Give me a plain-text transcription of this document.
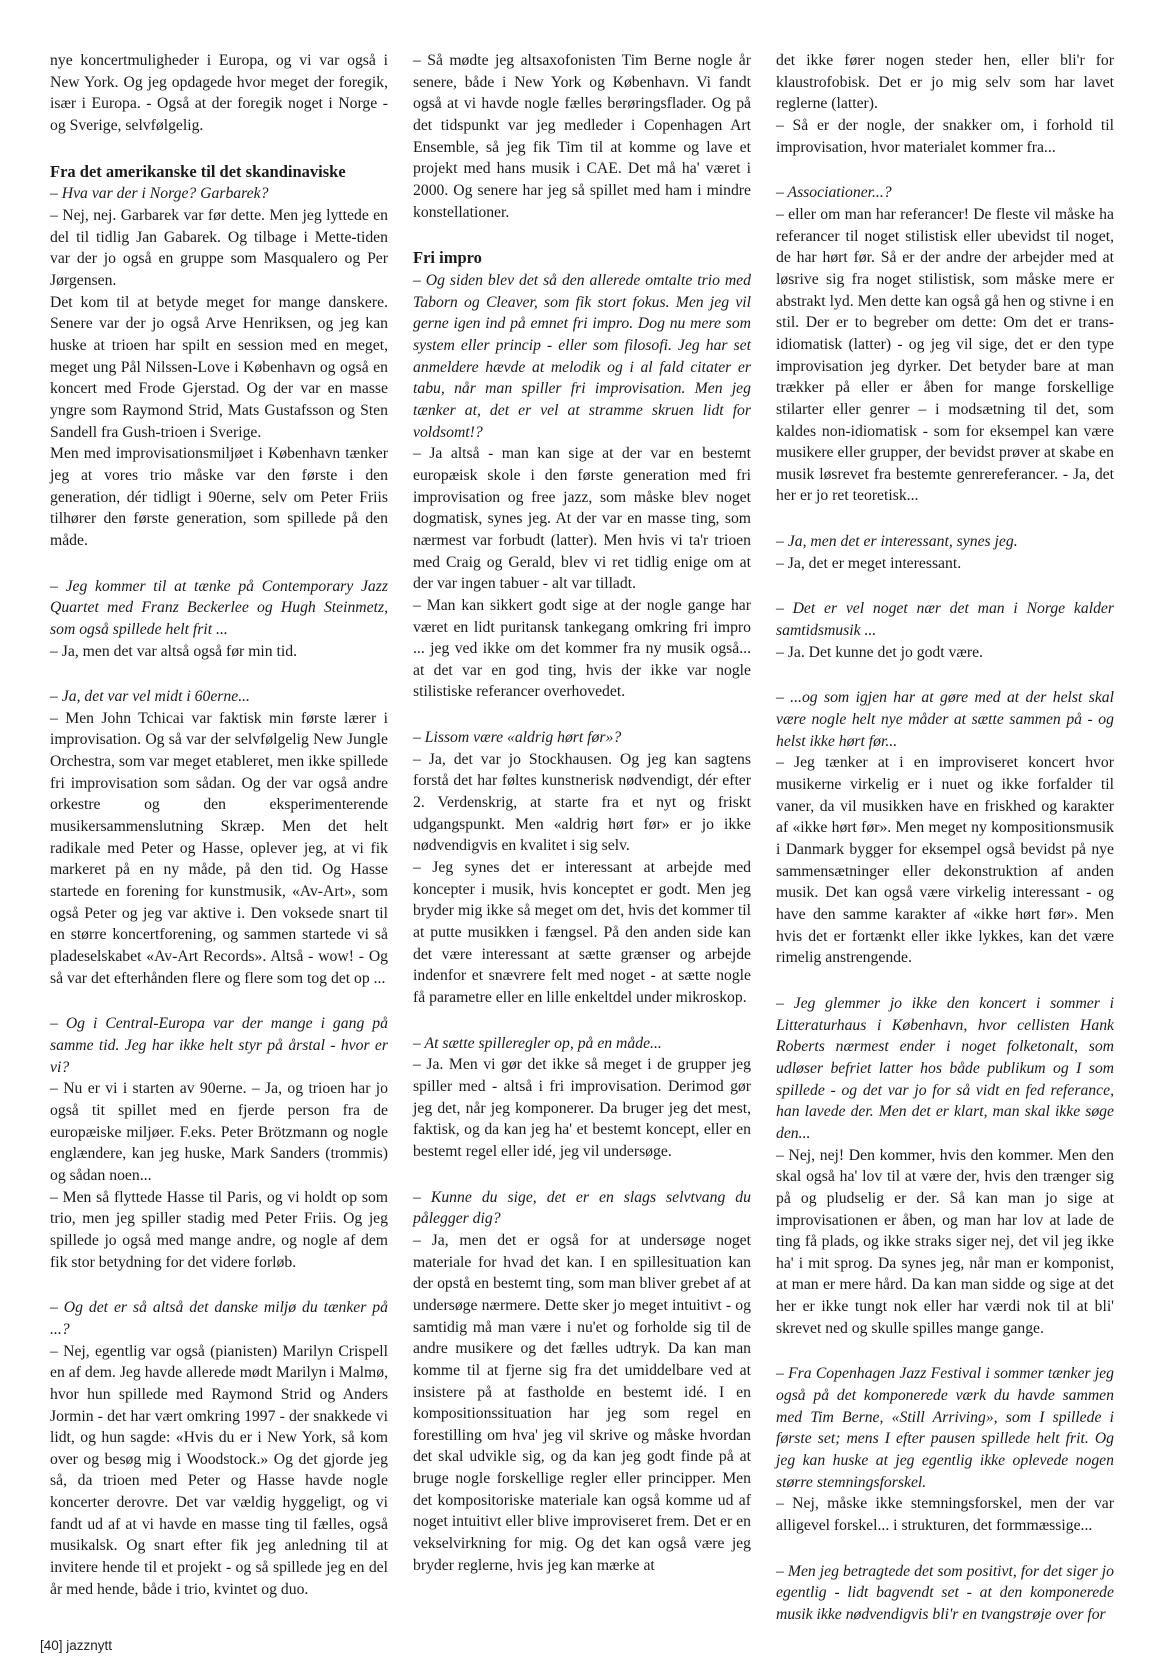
nye koncertmuligheder i Europa, og vi var også i New York. Og jeg opdagede hvor meget der foregik, især i Europa. - Også at der foregik noget i Norge - og Sverige, selvfølgelig.

Fra det amerikanske til det skandinaviske

– Hva var der i Norge? Garbarek?

– Nej, nej. Garbarek var før dette. Men jeg lyttede en del til tidlig Jan Gabarek. Og tilbage i Mette-tiden var der jo også en gruppe som Masqualero og Per Jørgensen.

Det kom til at betyde meget for mange danskere. Senere var der jo også Arve Henriksen, og jeg kan huske at trioen har spilt en session med en meget, meget ung Pål Nilssen-Love i København og også en koncert med Frode Gjerstad. Og der var en masse yngre som Raymond Strid, Mats Gustafsson og Sten Sandell fra Gush-trioen i Sverige.

Men med improvisationsmiljøet i København tænker jeg at vores trio måske var den første i den generation, dér tidligt i 90erne, selv om Peter Friis tilhører den første generation, som spillede på den måde.

– Jeg kommer til at tænke på Contemporary Jazz Quartet med Franz Beckerlee og Hugh Steinmetz, som også spillede helt frit ...

– Ja, men det var altså også før min tid.

– Ja, det var vel midt i 60erne...

– Men John Tchicai var faktisk min første lærer i improvisation. Og så var der selvfølgelig New Jungle Orchestra, som var meget etableret, men ikke spillede fri improvisation som sådan. Og der var også andre orkestre og den eksperimenterende musikersammenslutning Skræp. Men det helt radikale med Peter og Hasse, oplever jeg, at vi fik markeret på en ny måde, på den tid. Og Hasse startede en forening for kunstmusik, «Av-Art», som også Peter og jeg var aktive i. Den voksede snart til en større koncertforening, og sammen startede vi så pladeselskabet «Av-Art Records». Altså - wow! - Og så var det efterhånden flere og flere som tog det op ...

– Og i Central-Europa var der mange i gang på samme tid. Jeg har ikke helt styr på årstal - hvor er vi?

– Nu er vi i starten av 90erne. – Ja, og trioen har jo også tit spillet med en fjerde person fra de europæiske miljøer. F.eks. Peter Brötzmann og nogle englændere, kan jeg huske, Mark Sanders (trommis) og sådan noen...

– Men så flyttede Hasse til Paris, og vi holdt op som trio, men jeg spiller stadig med Peter Friis. Og jeg spillede jo også med mange andre, og nogle af dem fik stor betydning for det videre forløb.

– Og det er så altså det danske miljø du tænker på ...?

– Nej, egentlig var også (pianisten) Marilyn Crispell en af dem. Jeg havde allerede mødt Marilyn i Malmø, hvor hun spillede med Raymond Strid og Anders Jormin - det har vært omkring 1997 - der snakkede vi lidt, og hun sagde: «Hvis du er i New York, så kom over og besøg mig i Woodstock.» Og det gjorde jeg så, da trioen med Peter og Hasse havde nogle koncerter derovre. Det var vældig hyggeligt, og vi fandt ud af at vi havde en masse ting til fælles, også musikalsk. Og snart efter fik jeg anledning til at invitere hende til et projekt - og så spillede jeg en del år med hende, både i trio, kvintet og duo.

– Så mødte jeg altsaxofonisten Tim Berne nogle år senere, både i New York og København. Vi fandt også at vi havde nogle fælles berøringsflader. Og på det tidspunkt var jeg medleder i Copenhagen Art Ensemble, så jeg fik Tim til at komme og lave et projekt med hans musik i CAE. Det må ha' været i 2000. Og senere har jeg så spillet med ham i mindre konstellationer.

Fri impro

– Og siden blev det så den allerede omtalte trio med Taborn og Cleaver, som fik stort fokus. Men jeg vil gerne igen ind på emnet fri impro. Dog nu mere som system eller princip - eller som filosofi. Jeg har set anmeldere hævde at melodik og i al fald citater er tabu, når man spiller fri improvisation. Men jeg tænker at, det er vel at stramme skruen lidt for voldsomt!?

– Ja altså - man kan sige at der var en bestemt europæisk skole i den første generation med fri improvisation og free jazz, som måske blev noget dogmatisk, synes jeg. At der var en masse ting, som nærmest var forbudt (latter). Men hvis vi ta'r trioen med Craig og Gerald, blev vi ret tidlig enige om at der var ingen tabuer - alt var tilladt.

– Man kan sikkert godt sige at der nogle gange har været en lidt puritansk tankegang omkring fri impro ... jeg ved ikke om det kommer fra ny musik også... at det var en god ting, hvis der ikke var nogle stilistiske referancer overhovedet.

– Lissom være «aldrig hørt før»?

– Ja, det var jo Stockhausen. Og jeg kan sagtens forstå det har føltes kunstnerisk nødvendigt, dér efter 2. Verdenskrig, at starte fra et nyt og friskt udgangspunkt. Men «aldrig hørt før» er jo ikke nødvendigvis en kvalitet i sig selv.

– Jeg synes det er interessant at arbejde med koncepter i musik, hvis konceptet er godt. Men jeg bryder mig ikke så meget om det, hvis det kommer til at putte musikken i fængsel. På den anden side kan det være interessant at sætte grænser og arbejde indenfor et snævrere felt med noget - at sætte nogle få parametre eller en lille enkeltdel under mikroskop.

– At sætte spilleregler op, på en måde...

– Ja. Men vi gør det ikke så meget i de grupper jeg spiller med - altså i fri improvisation. Derimod gør jeg det, når jeg komponerer. Da bruger jeg det mest, faktisk, og da kan jeg ha' et bestemt koncept, eller en bestemt regel eller idé, jeg vil undersøge.

– Kunne du sige, det er en slags selvtvang du pålegger dig?

– Ja, men det er også for at undersøge noget materiale for hvad det kan. I en spillesituation kan der opstå en bestemt ting, som man bliver grebet af at undersøge nærmere. Dette sker jo meget intuitivt - og samtidig må man være i nu'et og forholde sig til de andre musikere og det fælles udtryk. Da kan man komme til at fjerne sig fra det umiddelbare ved at insistere på at fastholde en bestemt idé. I en kompositionssituation har jeg som regel en forestilling om hva' jeg vil skrive og måske hvordan det skal udvikle sig, og da kan jeg godt finde på at bruge nogle forskellige regler eller principper. Men det kompositoriske materiale kan også komme ud af noget intuitivt eller blive improviseret frem. Det er en vekselvirkning for mig. Og det kan også være jeg bryder reglerne, hvis jeg kan mærke at

det ikke fører nogen steder hen, eller bli'r for klaustrofobisk. Det er jo mig selv som har lavet reglerne (latter).

– Så er der nogle, der snakker om, i forhold til improvisation, hvor materialet kommer fra...

– Associationer...?

– eller om man har referancer! De fleste vil måske ha referancer til noget stilistisk eller ubevidst til noget, de har hørt før. Så er der andre der arbejder med at løsrive sig fra noget stilistisk, som måske mere er abstrakt lyd. Men dette kan også gå hen og stivne i en stil. Der er to begreber om dette: Om det er trans-idiomatisk (latter) - og jeg vil sige, det er den type improvisation jeg dyrker. Det betyder bare at man trækker på eller er åben for mange forskellige stilarter eller genrer – i modsætning til det, som kaldes non-idiomatisk - som for eksempel kan være musikere eller grupper, der bevidst prøver at skabe en musik løsrevet fra bestemte genrereferancer. - Ja, det her er jo ret teoretisk...

– Ja, men det er interessant, synes jeg.

– Ja, det er meget interessant.

– Det er vel noget nær det man i Norge kalder samtidsmusik ...

– Ja. Det kunne det jo godt være.

– ...og som igjen har at gøre med at der helst skal være nogle helt nye måder at sætte sammen på - og helst ikke hørt før...

– Jeg tænker at i en improviseret koncert hvor musikerne virkelig er i nuet og ikke forfalder til vaner, da vil musikken have en friskhed og karakter af «ikke hørt før». Men meget ny kompositionsmusik i Danmark bygger for eksempel også bevidst på nye sammensætninger eller dekonstruktion af anden musik. Det kan også være virkelig interessant - og have den samme karakter af «ikke hørt før». Men hvis det er fortænkt eller ikke lykkes, kan det være rimelig anstrengende.

– Jeg glemmer jo ikke den koncert i sommer i Litteraturhaus i København, hvor cellisten Hank Roberts nærmest ender i noget folketonalt, som udløser befriet latter hos både publikum og I som spillede - og det var jo for så vidt en fed referance, han lavede der. Men det er klart, man skal ikke søge den...

– Nej, nej! Den kommer, hvis den kommer. Men den skal også ha' lov til at være der, hvis den trænger sig på og pludselig er der. Så kan man jo sige at improvisationen er åben, og man har lov at lade de ting få plads, og ikke straks siger nej, det vil jeg ikke ha' i mit sprog. Da synes jeg, når man er komponist, at man er mere hård. Da kan man sidde og sige at det her er ikke tungt nok eller har værdi nok til at bli' skrevet ned og skulle spilles mange gange.

– Fra Copenhagen Jazz Festival i sommer tænker jeg også på det komponerede værk du havde sammen med Tim Berne, «Still Arriving», som I spillede i første set; mens I efter pausen spillede helt frit. Og jeg kan huske at jeg egentlig ikke oplevede nogen større stemningsforskel.

– Nej, måske ikke stemningsforskel, men der var alligevel forskel... i strukturen, det formmæssige...

– Men jeg betragtede det som positivt, for det siger jo egentlig - lidt bagvendt set - at den komponerede musik ikke nødvendigvis bli'r en tvangstrøje over for

[40] jazznytt
